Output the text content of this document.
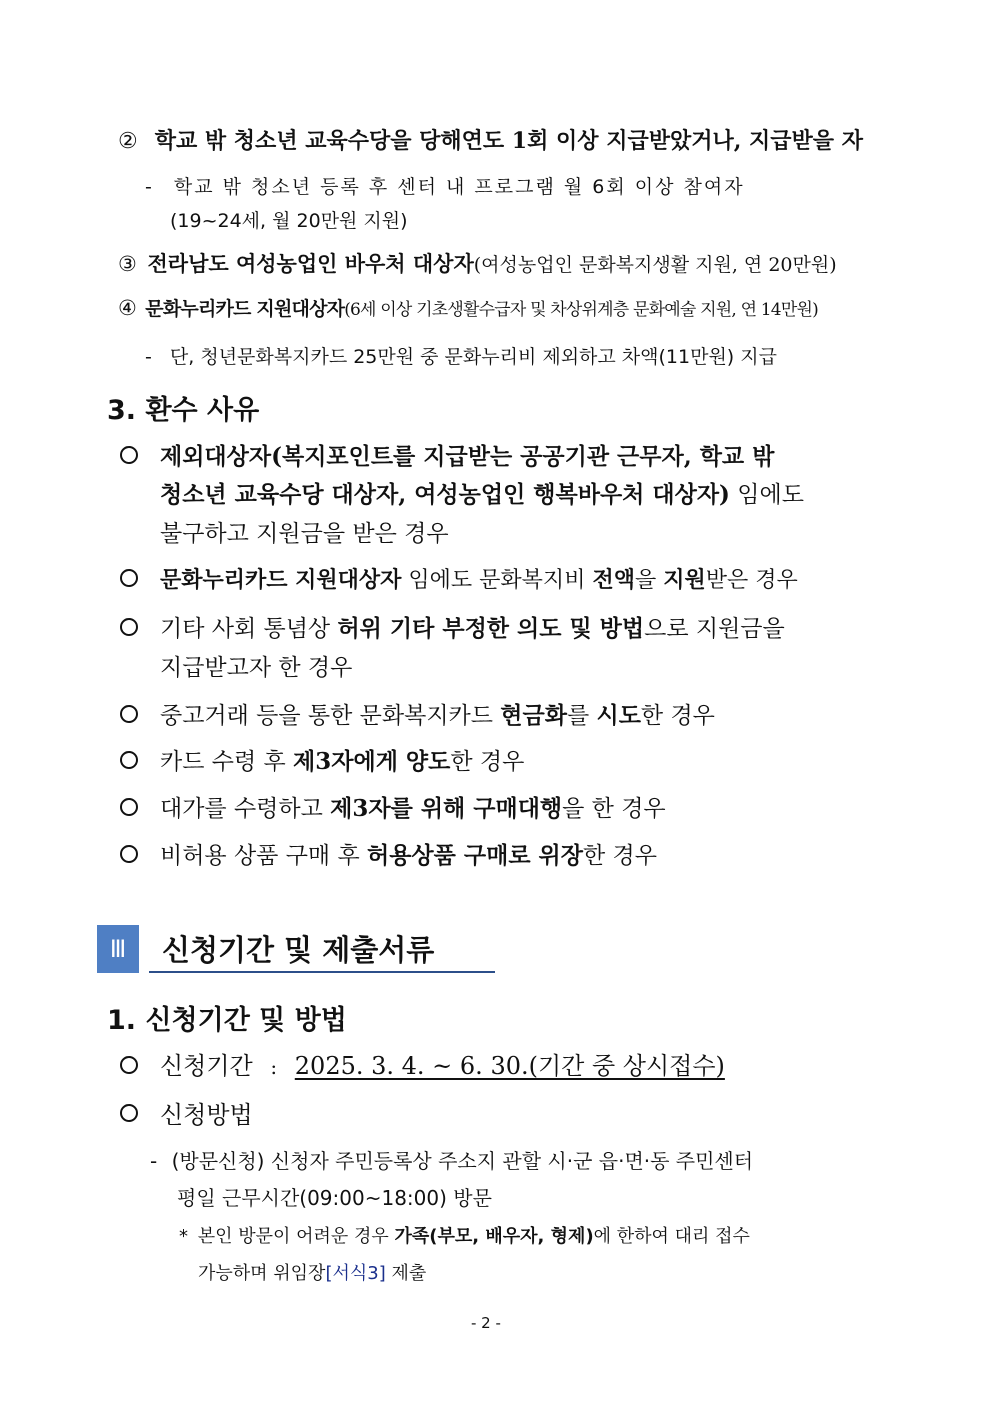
② 학교 밖 청소년 교육수당을 당해연도 1회 이상 지급받았거나, 지급받을 자
- 학교 밖 청소년 등록 후 센터 내 프로그램 월 6회 이상 참여자
(19~24세, 월 20만원 지원)
③ 전라남도 여성농업인 바우처 대상자(여성농업인 문화복지생활 지원, 연 20만원)
④ 문화누리카드 지원대상자(6세 이상 기초생활수급자 및 차상위계층 문화예술 지원, 연 14만원)
- 단, 청년문화복지카드 25만원 중 문화누리비 제외하고 차액(11만원) 지급
3. 환수 사유
제외대상자(복지포인트를 지급받는 공공기관 근무자, 학교 밖
청소년 교육수당 대상자, 여성농업인 행복바우처 대상자) 임에도
불구하고 지원금을 받은 경우
문화누리카드 지원대상자 임에도 문화복지비 전액을 지원받은 경우
기타 사회 통념상 허위 기타 부정한 의도 및 방법으로 지원금을
지급받고자 한 경우
중고거래 등을 통한 문화복지카드 현금화를 시도한 경우
카드 수령 후 제3자에게 양도한 경우
대가를 수령하고 제3자를 위해 구매대행을 한 경우
비허용 상품 구매 후 허용상품 구매로 위장한 경우
Ⅲ	신청기간 및 제출서류
1. 신청기간 및 방법
신청기간 : 2025. 3. 4. ~ 6. 30.(기간 중 상시접수)
신청방법
- (방문신청) 신청자 주민등록상 주소지 관할 시·군 읍·면·동 주민센터
평일 근무시간(09:00~18:00) 방문
* 본인 방문이 어려운 경우 가족(부모, 배우자, 형제)에 한하여 대리 접수
가능하며 위임장[서식3] 제출
- 2 -
